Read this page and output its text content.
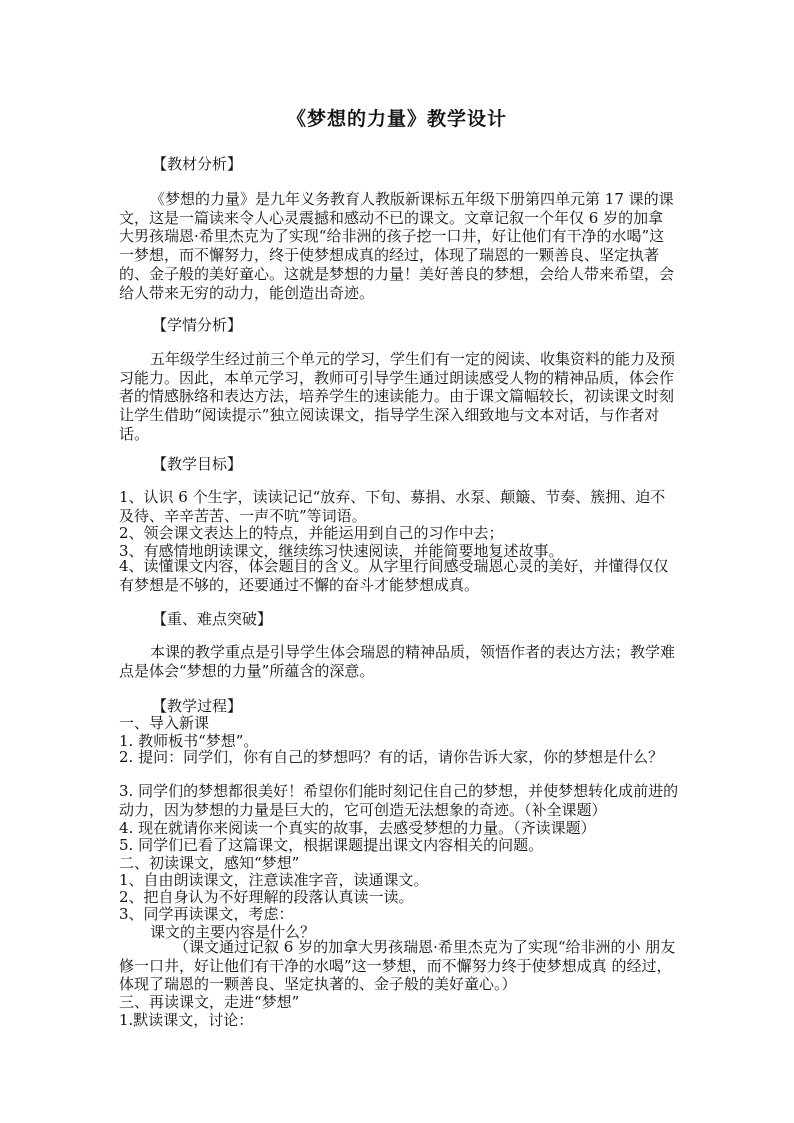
《梦想的力量》教学设计
【教材分析】

《梦想的力量》是九年义务教育人教版新课标五年级下册第四单元第 17 课的课文，这是一篇读来令人心灵震撼和感动不已的课文。文章记叙一个年仅 6 岁的加拿大男孩瑞恩·希里杰克为了实现“给非洲的孩子挖一口井，好让他们有干净的水喝”这一梦想，而不懈努力，终于使梦想成真的经过，体现了瑞恩的一颗善良、坚定执著的、金子般的美好童心。这就是梦想的力量！美好善良的梦想，会给人带来希望，会给人带来无穷的动力，能创造出奇迹。

【学情分析】

五年级学生经过前三个单元的学习，学生们有一定的阅读、收集资料的能力及预习能力。因此，本单元学习，教师可引导学生通过朗读感受人物的精神品质，体会作者的情感脉络和表达方法，培养学生的速读能力。由于课文篇幅较长，初读课文时刻让学生借助“阅读提示”独立阅读课文，指导学生深入细致地与文本对话，与作者对话。

【教学目标】

1、认识 6 个生字，读读记记“放弃、下旬、募捐、水泵、颠簸、节奏、簇拥、迫不及待、辛辛苦苦、一声不吭”等词语。

2、领会课文表达上的特点，并能运用到自己的习作中去；

3、有感情地朗读课文，继续练习快速阅读，并能简要地复述故事。

4、读懂课文内容，体会题目的含义。从字里行间感受瑞恩心灵的美好，并懂得仅仅有梦想是不够的，还要通过不懈的奋斗才能梦想成真。

【重、难点突破】

本课的教学重点是引导学生体会瑞恩的精神品质，领悟作者的表达方法；教学难点是体会“梦想的力量”所蕴含的深意。

【教学过程】

一、导入新课

1. 教师板书“梦想”。

2. 提问：同学们，你有自己的梦想吗？有的话，请你告诉大家，你的梦想是什么？

3. 同学们的梦想都很美好！希望你们能时刻记住自己的梦想，并使梦想转化成前进的动力，因为梦想的力量是巨大的，它可创造无法想象的奇迹。（补全课题）

4. 现在就请你来阅读一个真实的故事，去感受梦想的力量。（齐读课题）

5. 同学们已看了这篇课文，根据课题提出课文内容相关的问题。

二、初读课文，感知“梦想”

1、自由朗读课文，注意读准字音，读通课文。

2、把自身认为不好理解的段落认真读一读。

3、同学再读课文，考虑：

课文的主要内容是什么？

（课文通过记叙 6 岁的加拿大男孩瑞恩·希里杰克为了实现“给非洲的小 朋友修一口井，好让他们有干净的水喝”这一梦想，而不懈努力终于使梦想成真 的经过，体现了瑞恩的一颗善良、坚定执著的、金子般的美好童心。）

三、再读课文，走进“梦想”

1.默读课文，讨论：
